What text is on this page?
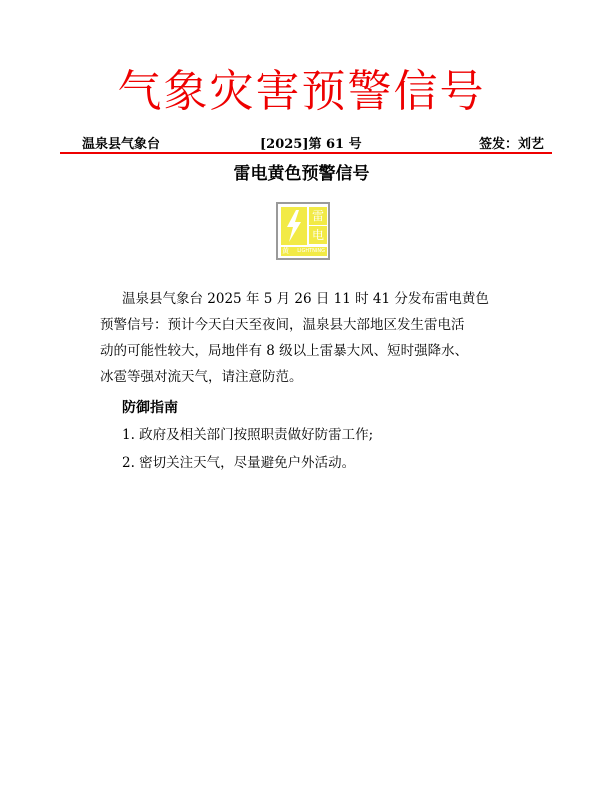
气象灾害预警信号
温泉县气象台	[2025]第 61 号	签发：刘艺
雷电黄色预警信号
雷
电
黄 LIGHTNING
温泉县气象台 2025 年 5 月 26 日 11 时 41 分发布雷电黄色
预警信号：预计今天白天至夜间，温泉县大部地区发生雷电活
动的可能性较大，局地伴有 8 级以上雷暴大风、短时强降水、
冰雹等强对流天气，请注意防范。
防御指南
1. 政府及相关部门按照职责做好防雷工作;
2. 密切关注天气，尽量避免户外活动。
